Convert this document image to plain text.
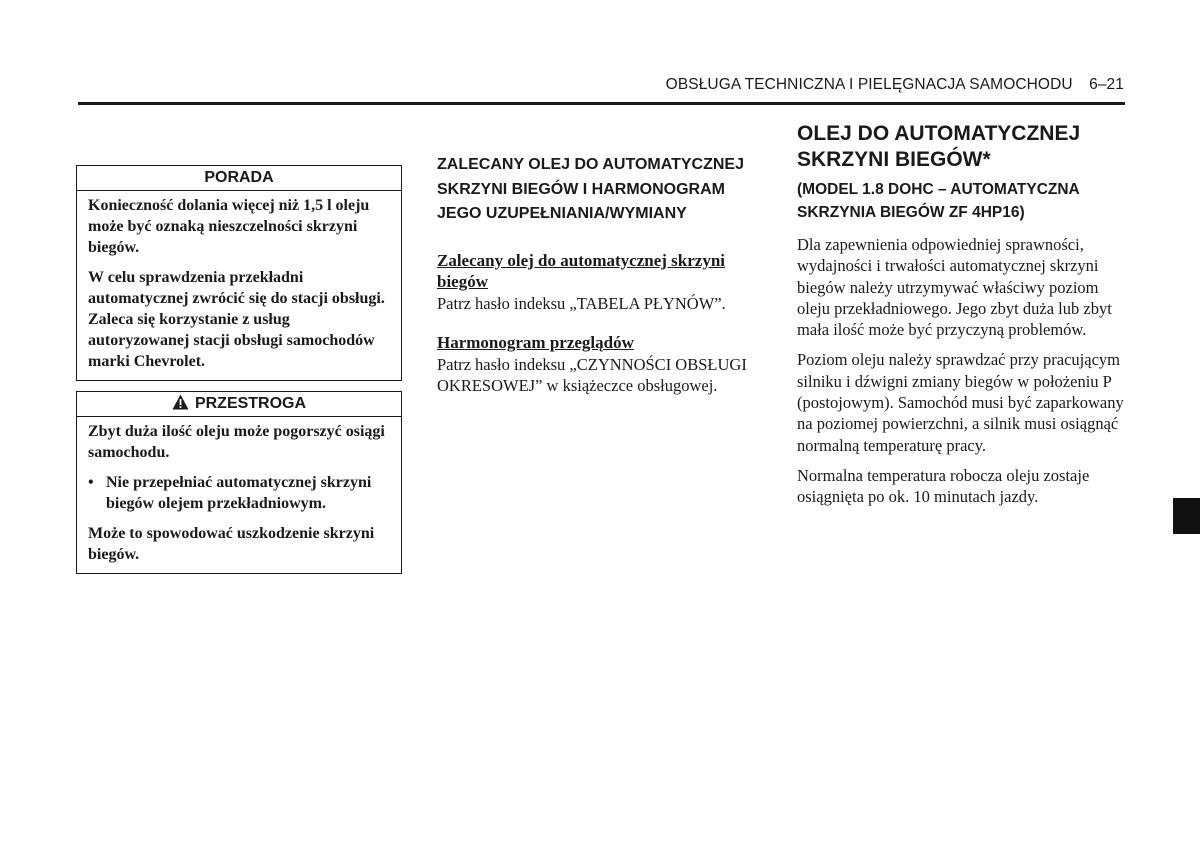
OBSŁUGA TECHNICZNA I PIELĘGNACJA SAMOCHODU 6–21
PORADA

Konieczność dolania więcej niż 1,5 l oleju może być oznaką nieszczelności skrzyni biegów.

W celu sprawdzenia przekładni automatycznej zwrócić się do stacji obsługi. Zaleca się korzystanie z usług autoryzowanej stacji obsługi samochodów marki Chevrolet.

PRZESTROGA

Zbyt duża ilość oleju może pogorszyć osiągi samochodu.

• Nie przepełniać automatycznej skrzyni biegów olejem przekładniowym.

Może to spowodować uszkodzenie skrzyni biegów.

ZALECANY OLEJ DO AUTOMATYCZNEJ SKRZYNI BIEGÓW I HARMONOGRAM JEGO UZUPEŁNIANIA/WYMIANY
Zalecany olej do automatycznej skrzyni biegów

Patrz hasło indeksu „TABELA PŁYNÓW”.

Harmonogram przeglądów

Patrz hasło indeksu „CZYNNOŚCI OBSŁUGI OKRESOWEJ” w książeczce obsługowej.

OLEJ DO AUTOMATYCZNEJ SKRZYNI BIEGÓW*
(MODEL 1.8 DOHC – AUTOMATYCZNA SKRZYNIA BIEGÓW ZF 4HP16)

Dla zapewnienia odpowiedniej sprawności, wydajności i trwałości automatycznej skrzyni biegów należy utrzymywać właściwy poziom oleju przekładniowego. Jego zbyt duża lub zbyt mała ilość może być przyczyną problemów.

Poziom oleju należy sprawdzać przy pracującym silniku i dźwigni zmiany biegów w położeniu P (postojowym). Samochód musi być zaparkowany na poziomej powierzchni, a silnik musi osiągnąć normalną temperaturę pracy.

Normalna temperatura robocza oleju zostaje osiągnięta po ok. 10 minutach jazdy.
